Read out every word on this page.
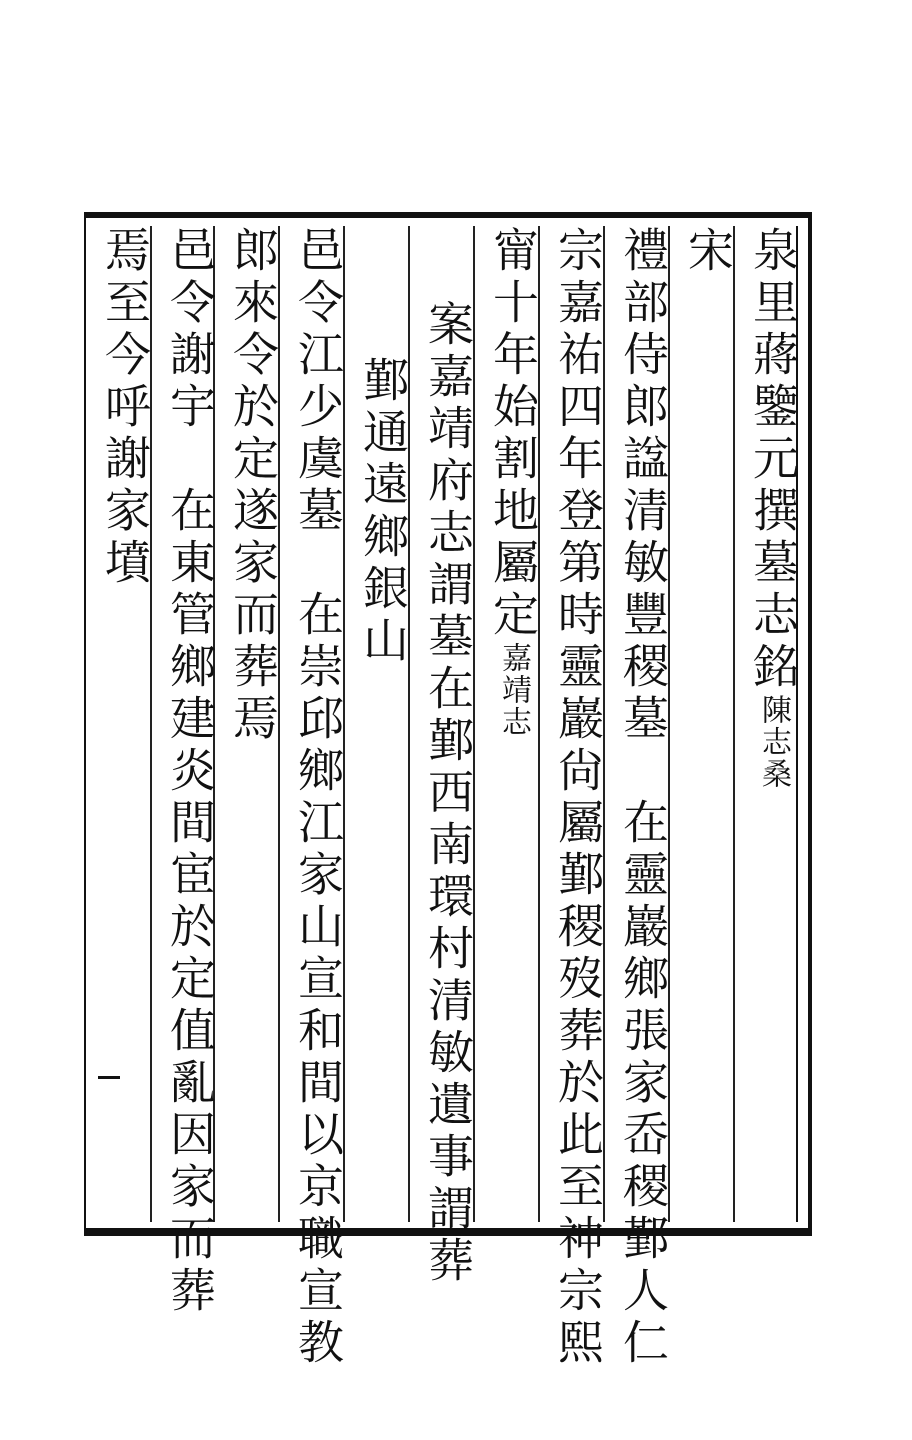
泉里蔣鑒元撰墓志銘陳志桑
宋
禮部侍郎諡清敏豐稷墓　在靈巖鄉張家岙稷鄞人仁
宗嘉祐四年登第時靈巖尙屬鄞稷歿葬於此至神宗熙
甯十年始割地屬定嘉靖志
案嘉靖府志謂墓在鄞西南環村清敏遺事謂葬
鄞通遠鄉銀山
邑令江少虞墓　在崇邱鄉江家山宣和間以京職宣教
郎來令於定遂家而葬焉
邑令謝宇　在東管鄉建炎間宦於定值亂因家而葬
焉至今呼謝家墳
